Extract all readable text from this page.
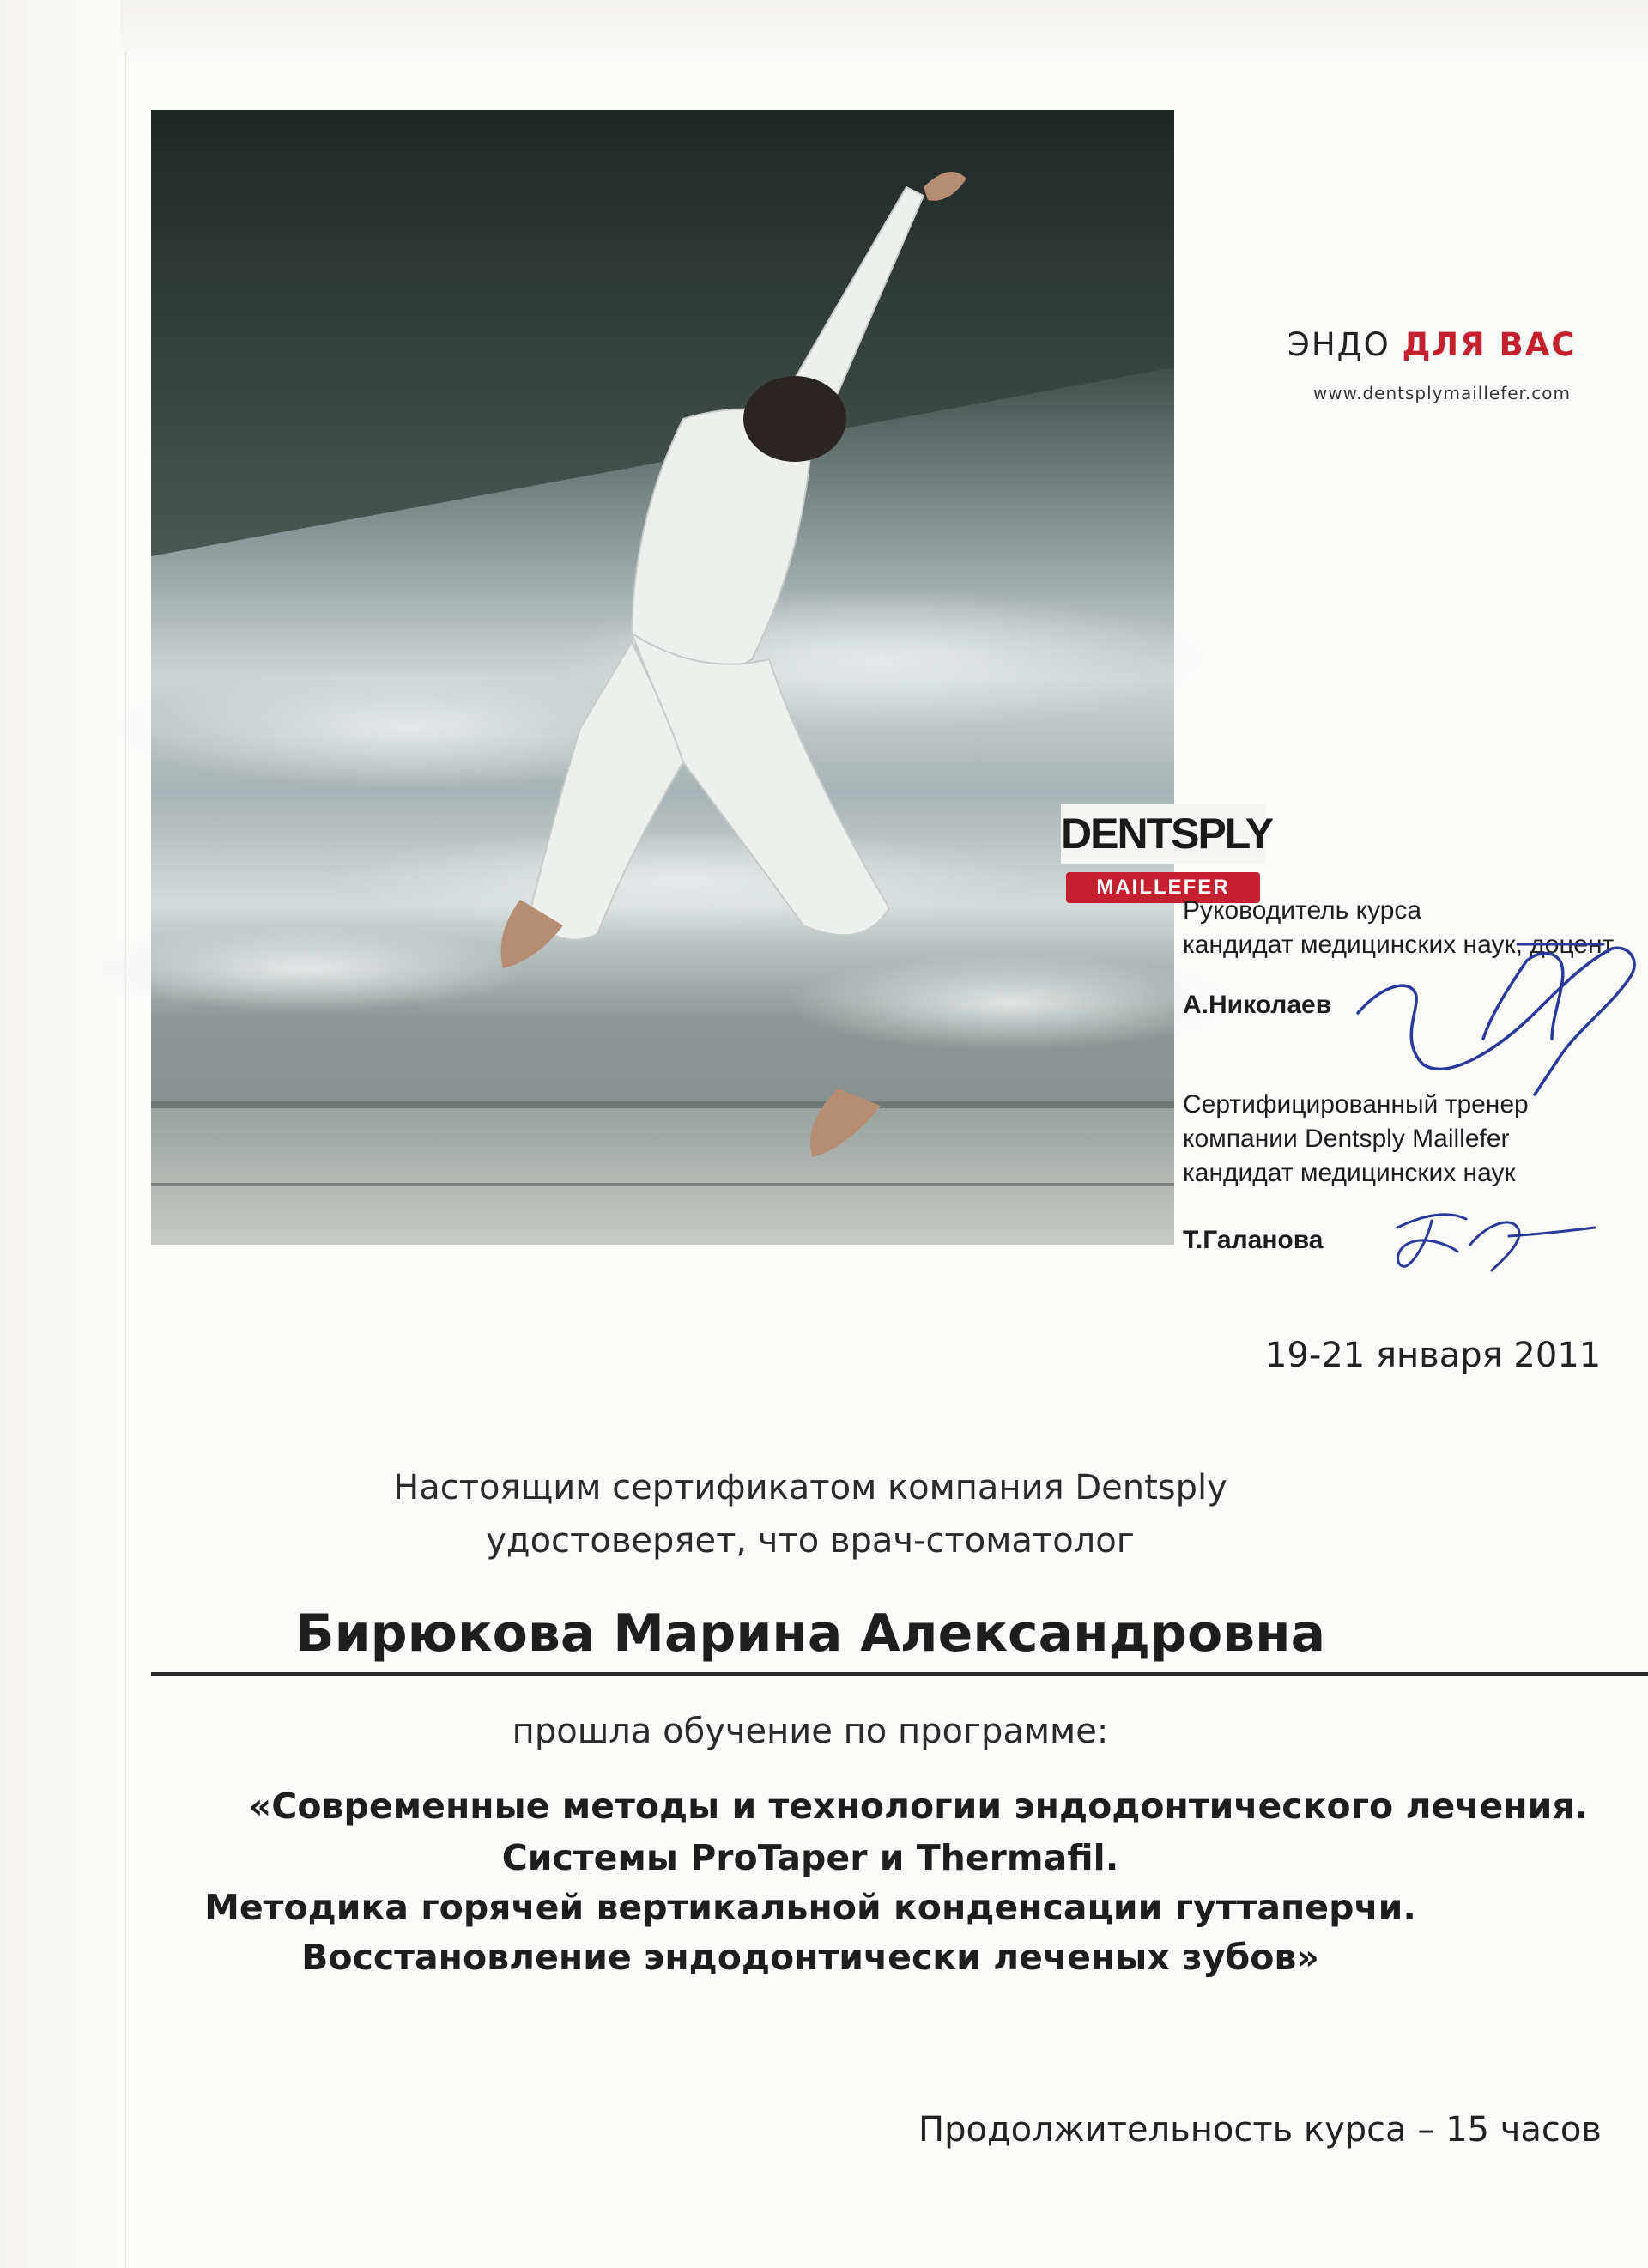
DENTSPLY
MAILLEFER
ЭНДО ДЛЯ ВАС
www.dentsplymaillefer.com
Руководитель курса
кандидат медицинских наук, доцент
А.Николаев
Сертифицированный тренер
компании Dentsply Maillefer
кандидат медицинских наук
Т.Галанова
19-21 января 2011
Настоящим сертификатом компания Dentsply
удостоверяет, что врач-стоматолог
Бирюкова Марина Александровна
прошла обучение по программе:
«Современные методы и технологии эндодонтического лечения.
Системы ProTaper и Thermafil.
Методика горячей вертикальной конденсации гуттаперчи.
Восстановление эндодонтически леченых зубов»
Продолжительность курса – 15 часов
